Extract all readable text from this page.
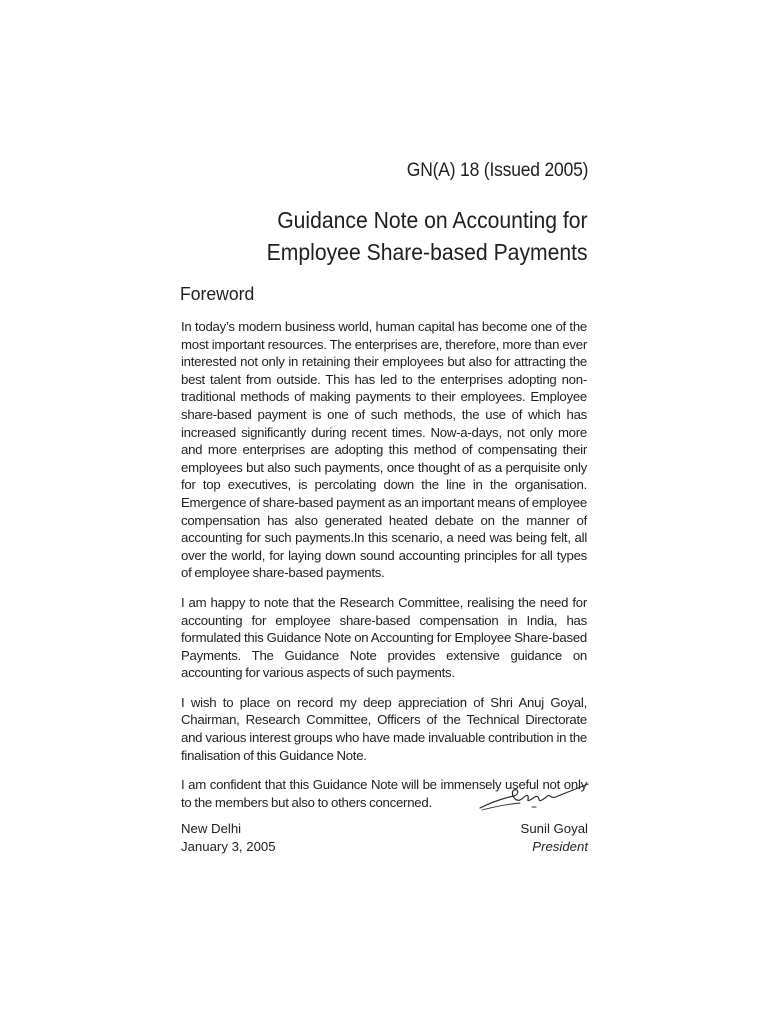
GN(A) 18 (Issued 2005)
Guidance Note on Accounting for
Employee Share-based Payments
Foreword

In today’s modern business world, human capital has become one of the most important resources. The enterprises are, therefore, more than ever interested not only in retaining their employees but also for attracting the best talent from outside. This has led to the enterprises adopting non-traditional methods of making payments to their employees. Employee share-based payment is one of such methods, the use of which has increased significantly during recent times. Now-a-days, not only more and more enterprises are adopting this method of compensating their employees but also such payments, once thought of as a perquisite only for top executives, is percolating down the line in the organisation. Emergence of share-based payment as an important means of employee compensation has also generated heated debate on the manner of accounting for such payments.In this scenario, a need was being felt, all over the world, for laying down sound accounting principles for all types of employee share-based payments.

I am happy to note that the Research Committee, realising the need for accounting for employee share-based compensation in India, has formulated this Guidance Note on Accounting for Employee Share-based Payments. The Guidance Note provides extensive guidance on accounting for various aspects of such payments.

I wish to place on record my deep appreciation of Shri Anuj Goyal, Chairman, Research Committee, Officers of the Technical Directorate and various interest groups who have made invaluable contribution in the finalisation of this Guidance Note.

I am confident that this Guidance Note will be immensely useful not only to the members but also to others concerned.

New Delhi
January 3, 2005
Sunil Goyal
President
